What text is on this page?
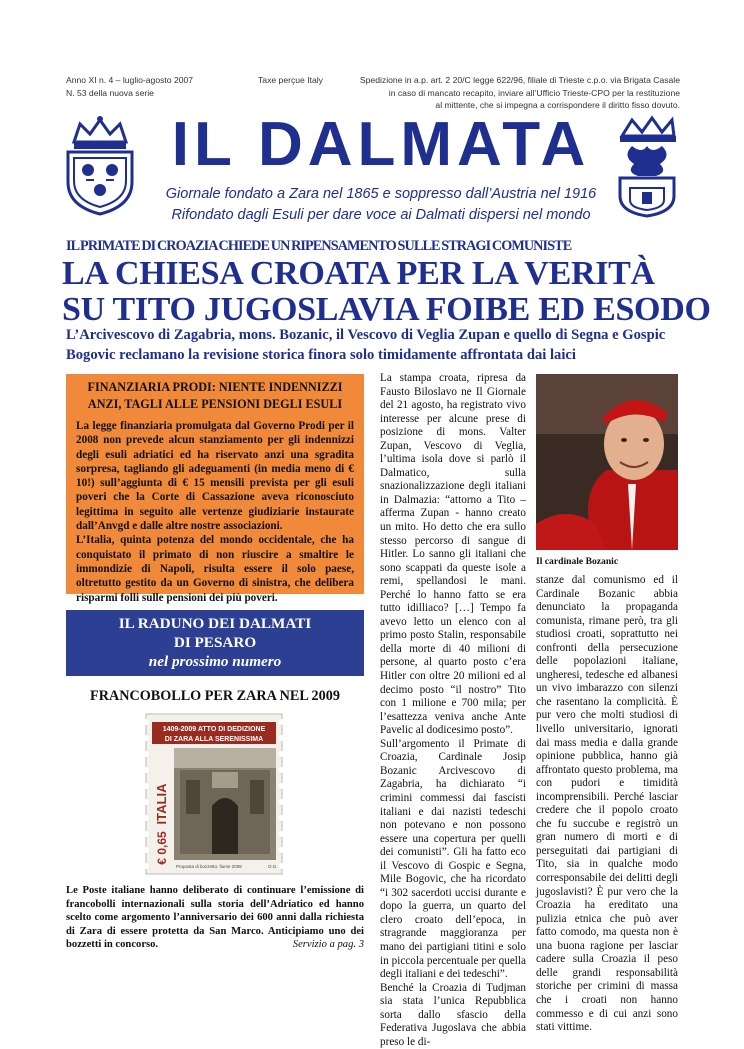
Anno XI n. 4 – luglio-agosto 2007
N. 53 della nuova serie
Taxe perçue Italy	Spedizione in a.p. art. 2 20/C legge 622/96, filiale di Trieste c.p.o. via Brigata Casale
in caso di mancato recapito, inviare all’Ufficio Trieste-CPO per la restituzione
al mittente, che si impegna a corrispondere il diritto fisso dovuto.
IL DALMATA
Giornale fondato a Zara nel 1865 e soppresso dall’Austria nel 1916
Rifondato dagli Esuli per dare voce ai Dalmati dispersi nel mondo
IL PRIMATE DI CROAZIA CHIEDE UN RIPENSAMENTO SULLE STRAGI COMUNISTE
LA CHIESA CROATA PER LA VERITÀ
SU TITO JUGOSLAVIA FOIBE ED ESODO
L’Arcivescovo di Zagabria, mons. Bozanic, il Vescovo di Veglia Zupan e quello di Segna e Gospic Bogovic reclamano la revisione storica finora solo timidamente affrontata dai laici
FINANZIARIA PRODI: NIENTE INDENNIZZI
ANZI, TAGLI ALLE PENSIONI DEGLI ESULI

La legge finanziaria promulgata dal Governo Prodi per il 2008 non prevede alcun stanziamento per gli indennizzi degli esuli adriatici ed ha riservato anzi una sgradita sorpresa, tagliando gli adeguamenti (in media meno di € 10!) sull’aggiunta di € 15 mensili prevista per gli esuli poveri che la Corte di Cassazione aveva riconosciuto legittima in seguito alle vertenze giudiziarie instaurate dall’Anvgd e dalle altre nostre associazioni.

L’Italia, quinta potenza del mondo occidentale, che ha conquistato il primato di non riuscire a smaltire le immondizie di Napoli, risulta essere il solo paese, oltretutto gestito da un Governo di sinistra, che delibera risparmi folli sulle pensioni dei più poveri.

IL RADUNO DEI DALMATI
DI PESARO
nel prossimo numero
FRANCOBOLLO PER ZARA NEL 2009
1409-2009 ATTO DI DEDIZIONE
DI ZARA ALLA SERENISSIMA
ITALIA
€ 0,65
Proposta di bozzetto: fiume 2008	O.G.
Le Poste italiane hanno deliberato di continuare l’emissione di francobolli internazionali sulla storia dell’Adriatico ed hanno scelto come argomento l’anniversario dei 600 anni dalla richiesta di Zara di essere protetta da San Marco. Anticipiamo uno dei bozzetti in concorso.	Servizio a pag. 3

La stampa croata, ripresa da Fausto Biloslavo ne Il Giornale del 21 agosto, ha registrato vivo interesse per alcune prese di posizione di mons. Valter Zupan, Vescovo di Veglia, l’ultima isola dove si parlò il Dalmatico, sulla snazionalizzazione degli italiani in Dalmazia: “attorno a Tito – afferma Zupan - hanno creato un mito. Ho detto che era sullo stesso percorso di sangue di Hitler. Lo sanno gli italiani che sono scappati da queste isole a remi, spellandosi le mani. Perché lo hanno fatto se era tutto idilliaco? […] Tempo fa avevo letto un elenco con al primo posto Stalin, responsabile della morte di 40 milioni di persone, al quarto posto c’era Hitler con oltre 20 milioni ed al decimo posto “il nostro” Tito con 1 milione e 700 mila; per l’esattezza veniva anche Ante Pavelic al dodicesimo posto”.

Sull’argomento il Primate di Croazia, Cardinale Josip Bozanic Arcivescovo di Zagabria, ha dichiarato “i crimini commessi dai fascisti italiani e dai nazisti tedeschi non potevano e non possono essere una copertura per quelli dei comunisti”. Gli ha fatto eco il Vescovo di Gospic e Segna, Mile Bogovic, che ha ricordato “i 302 sacerdoti uccisi durante e dopo la guerra, un quarto del clero croato dell’epoca, in stragrande maggioranza per mano dei partigiani titini e solo in piccola percentuale per quella degli italiani e dei tedeschi”.

Benché la Croazia di Tudjman sia stata l’unica Repubblica sorta dallo sfascio della Federativa Jugoslava che abbia preso le di-

Il cardinale Bozanic

stanze dal comunismo ed il Cardinale Bozanic abbia denunciato la propaganda comunista, rimane però, tra gli studiosi croati, soprattutto nei confronti della persecuzione delle popolazioni italiane, ungheresi, tedesche ed albanesi un vivo imbarazzo con silenzi che rasentano la complicità. È pur vero che molti studiosi di livello universitario, ignorati dai mass media e dalla grande opinione pubblica, hanno già affrontato questo problema, ma con pudori e timidità incomprensibili. Perché lasciar credere che il popolo croato che fu succube e registrò un gran numero di morti e di perseguitati dai partigiani di Tito, sia in qualche modo corresponsabile dei delitti degli jugoslavisti? È pur vero che la Croazia ha ereditato una pulizia etnica che può aver fatto comodo, ma questa non è una buona ragione per lasciar cadere sulla Croazia il peso delle grandi responsabilità storiche per crimini di massa che i croati non hanno commesso e di cui anzi sono stati vittime.
